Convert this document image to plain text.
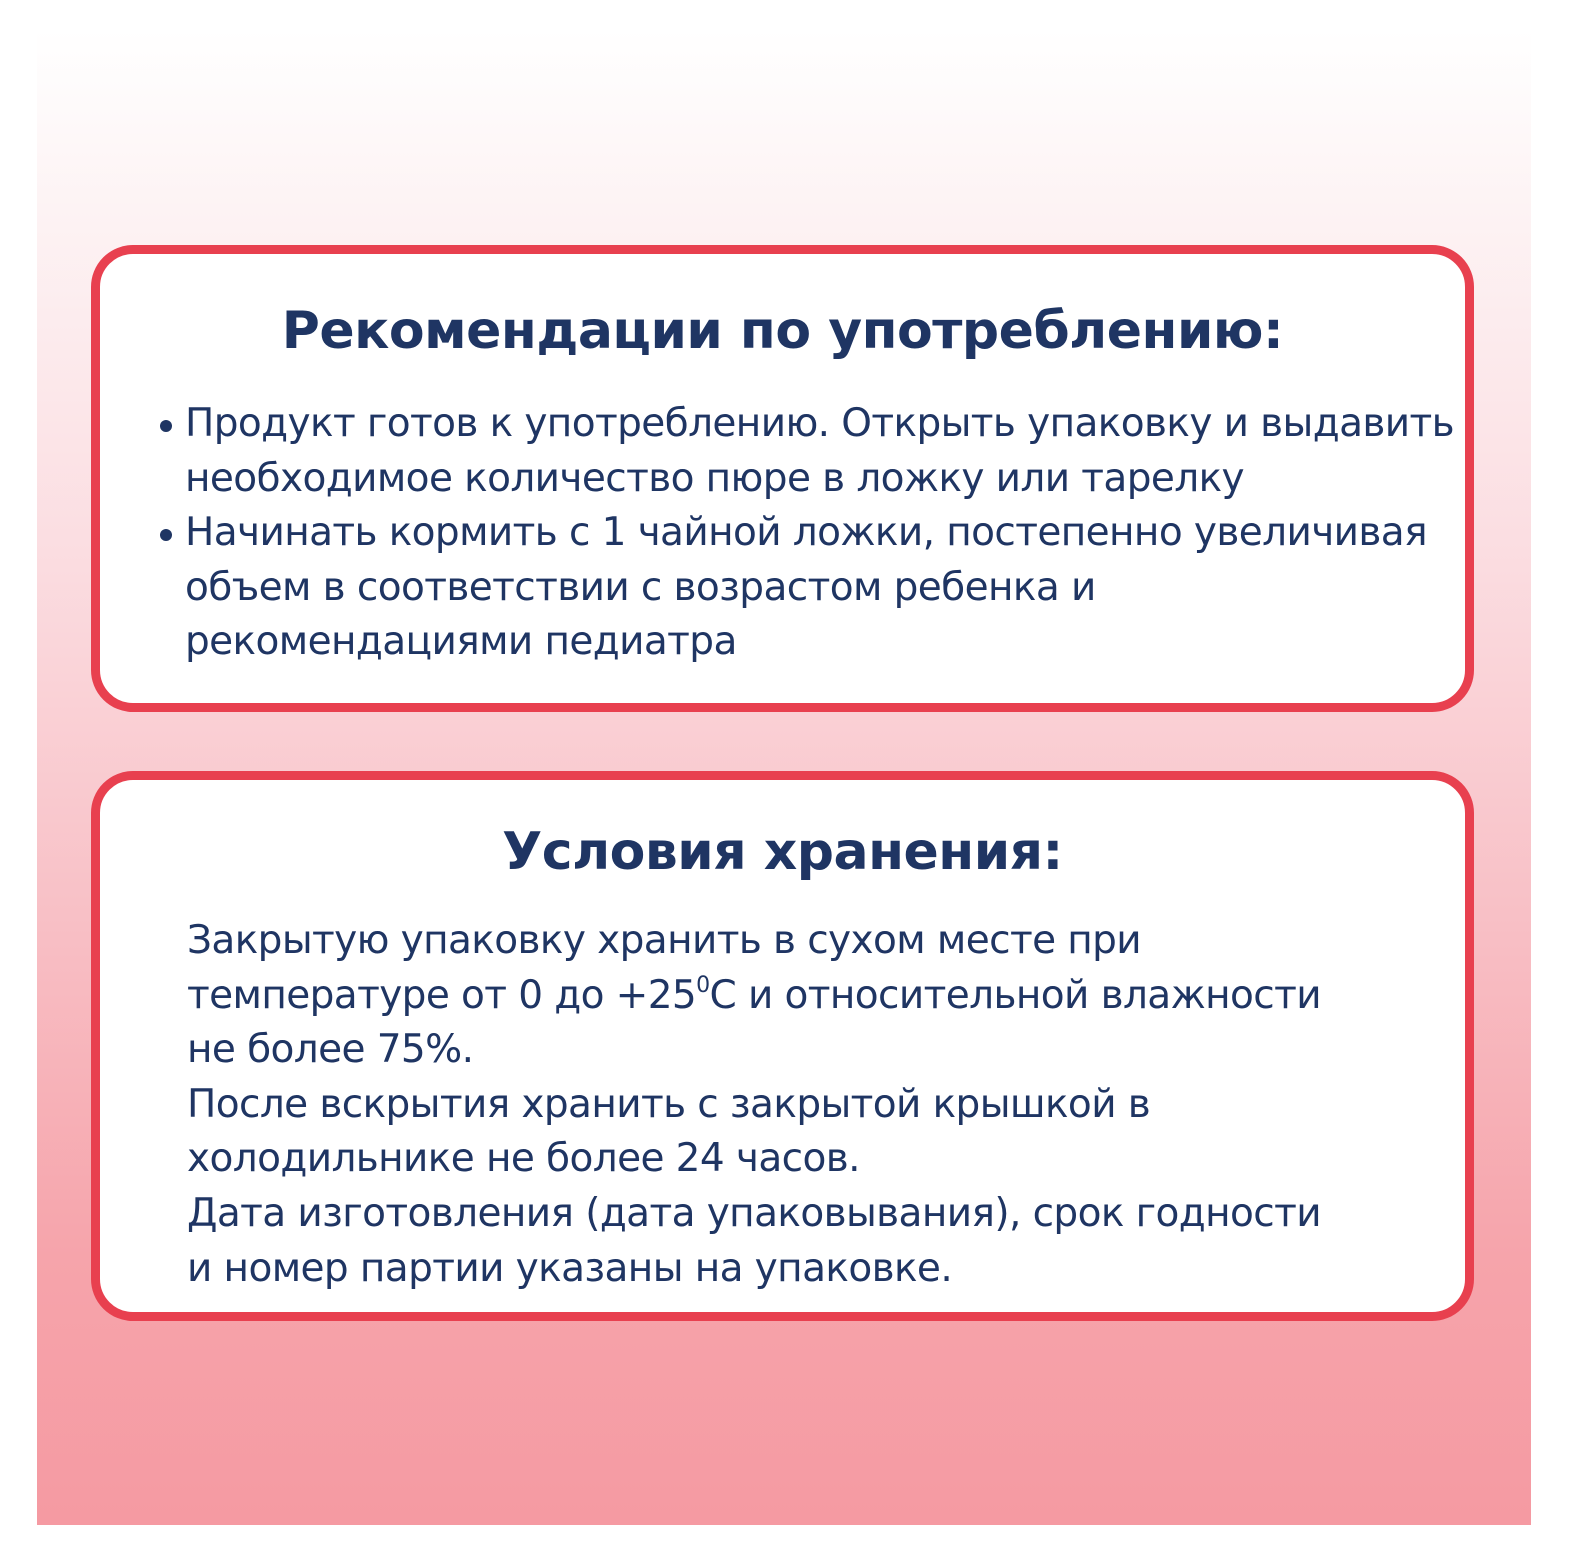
Рекомендации по употреблению:
Продукт готов к употреблению. Открыть упаковку и выдавить
необходимое количество пюре в ложку или тарелку
Начинать кормить с 1 чайной ложки, постепенно увеличивая
объем в соответствии с возрастом ребенка и
рекомендациями педиатра
Условия хранения:

Закрытую упаковку хранить в сухом месте при
температуре от 0 до $+25^0С$ и относительной влажности
не более 75%.

После вскрытия хранить с закрытой крышкой в
холодильнике не более 24 часов.

Дата изготовления (дата упаковывания), срок годности
и номер партии указаны на упаковке.
